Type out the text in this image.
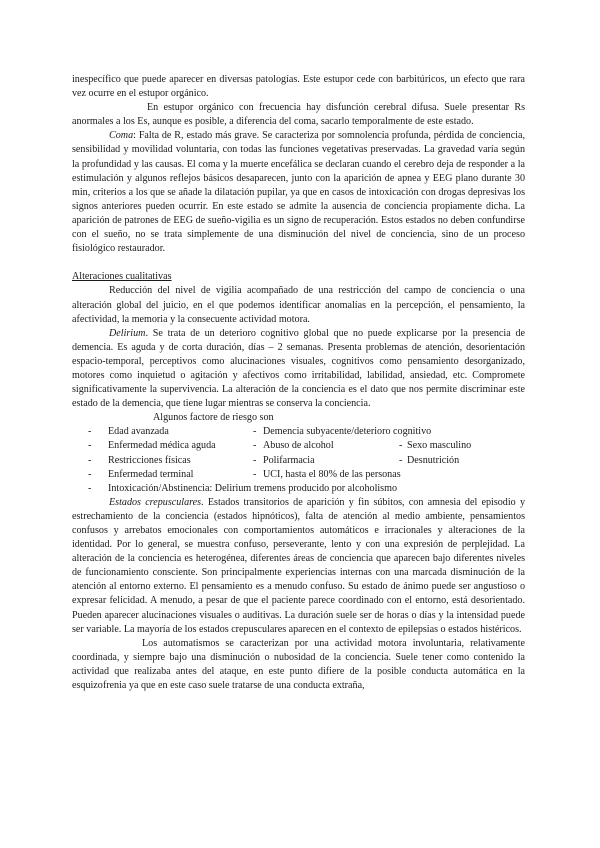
inespecífico que puede aparecer en diversas patologías. Este estupor cede con barbitúricos, un efecto que rara vez ocurre en el estupor orgánico.

En estupor orgánico con frecuencia hay disfunción cerebral difusa. Suele presentar Rs anormales a los Es, aunque es posible, a diferencia del coma, sacarlo temporalmente de este estado.

Coma: Falta de R, estado más grave. Se caracteriza por somnolencia profunda, pérdida de conciencia, sensibilidad y movilidad voluntaria, con todas las funciones vegetativas preservadas. La gravedad varía según la profundidad y las causas. El coma y la muerte encefálica se declaran cuando el cerebro deja de responder a la estimulación y algunos reflejos básicos desaparecen, junto con la aparición de apnea y EEG plano durante 30 min, criterios a los que se añade la dilatación pupilar, ya que en casos de intoxicación con drogas depresivas los signos anteriores pueden ocurrir. En este estado se admite la ausencia de conciencia propiamente dicha. La aparición de patrones de EEG de sueño-vigilia es un signo de recuperación. Estos estados no deben confundirse con el sueño, no se trata simplemente de una disminución del nivel de conciencia, sino de un proceso fisiológico restaurador.

Alteraciones cualitativas

Reducción del nivel de vigilia acompañado de una restricción del campo de conciencia o una alteración global del juicio, en el que podemos identificar anomalías en la percepción, el pensamiento, la afectividad, la memoria y la consecuente actividad motora.

Delirium. Se trata de un deterioro cognitivo global que no puede explicarse por la presencia de demencia. Es aguda y de corta duración, días – 2 semanas. Presenta problemas de atención, desorientación espacio-temporal, perceptivos como alucinaciones visuales, cognitivos como pensamiento desorganizado, motores como inquietud o agitación y afectivos como irritabilidad, labilidad, ansiedad, etc. Compromete significativamente la supervivencia. La alteración de la conciencia es el dato que nos permite discriminar este estado de la demencia, que tiene lugar mientras se conserva la conciencia.

Algunos factore de riesgo son

- Edad avanzada	- Demencia subyacente/deterioro cognitivo
- Enfermedad médica aguda	- Abuso de alcohol	- Sexo masculino
- Restricciones físicas	- Polifarmacia	- Desnutrición
- Enfermedad terminal	- UCI, hasta el 80% de las personas
- Intoxicación/Abstinencia: Delirium tremens producido por alcoholismo

Estados crepusculares. Estados transitorios de aparición y fin súbitos, con amnesia del episodio y estrechamiento de la conciencia (estados hipnóticos), falta de atención al medio ambiente, pensamientos confusos y arrebatos emocionales con comportamientos automáticos e irracionales y alteraciones de la identidad. Por lo general, se muestra confuso, perseverante, lento y con una expresión de perplejidad. La alteración de la conciencia es heterogénea, diferentes áreas de conciencia que aparecen bajo diferentes niveles de funcionamiento consciente. Son principalmente experiencias internas con una marcada disminución de la atención al entorno externo. El pensamiento es a menudo confuso. Su estado de ánimo puede ser angustioso o expresar felicidad. A menudo, a pesar de que el paciente parece coordinado con el entorno, está desorientado. Pueden aparecer alucinaciones visuales o auditivas. La duración suele ser de horas o días y la intensidad puede ser variable. La mayoría de los estados crepusculares aparecen en el contexto de epilepsias o estados histéricos.

Los automatismos se caracterizan por una actividad motora involuntaria, relativamente coordinada, y siempre bajo una disminución o nubosidad de la conciencia. Suele tener como contenido la actividad que realizaba antes del ataque, en este punto difiere de la posible conducta automática en la esquizofrenia ya que en este caso suele tratarse de una conducta extraña,
